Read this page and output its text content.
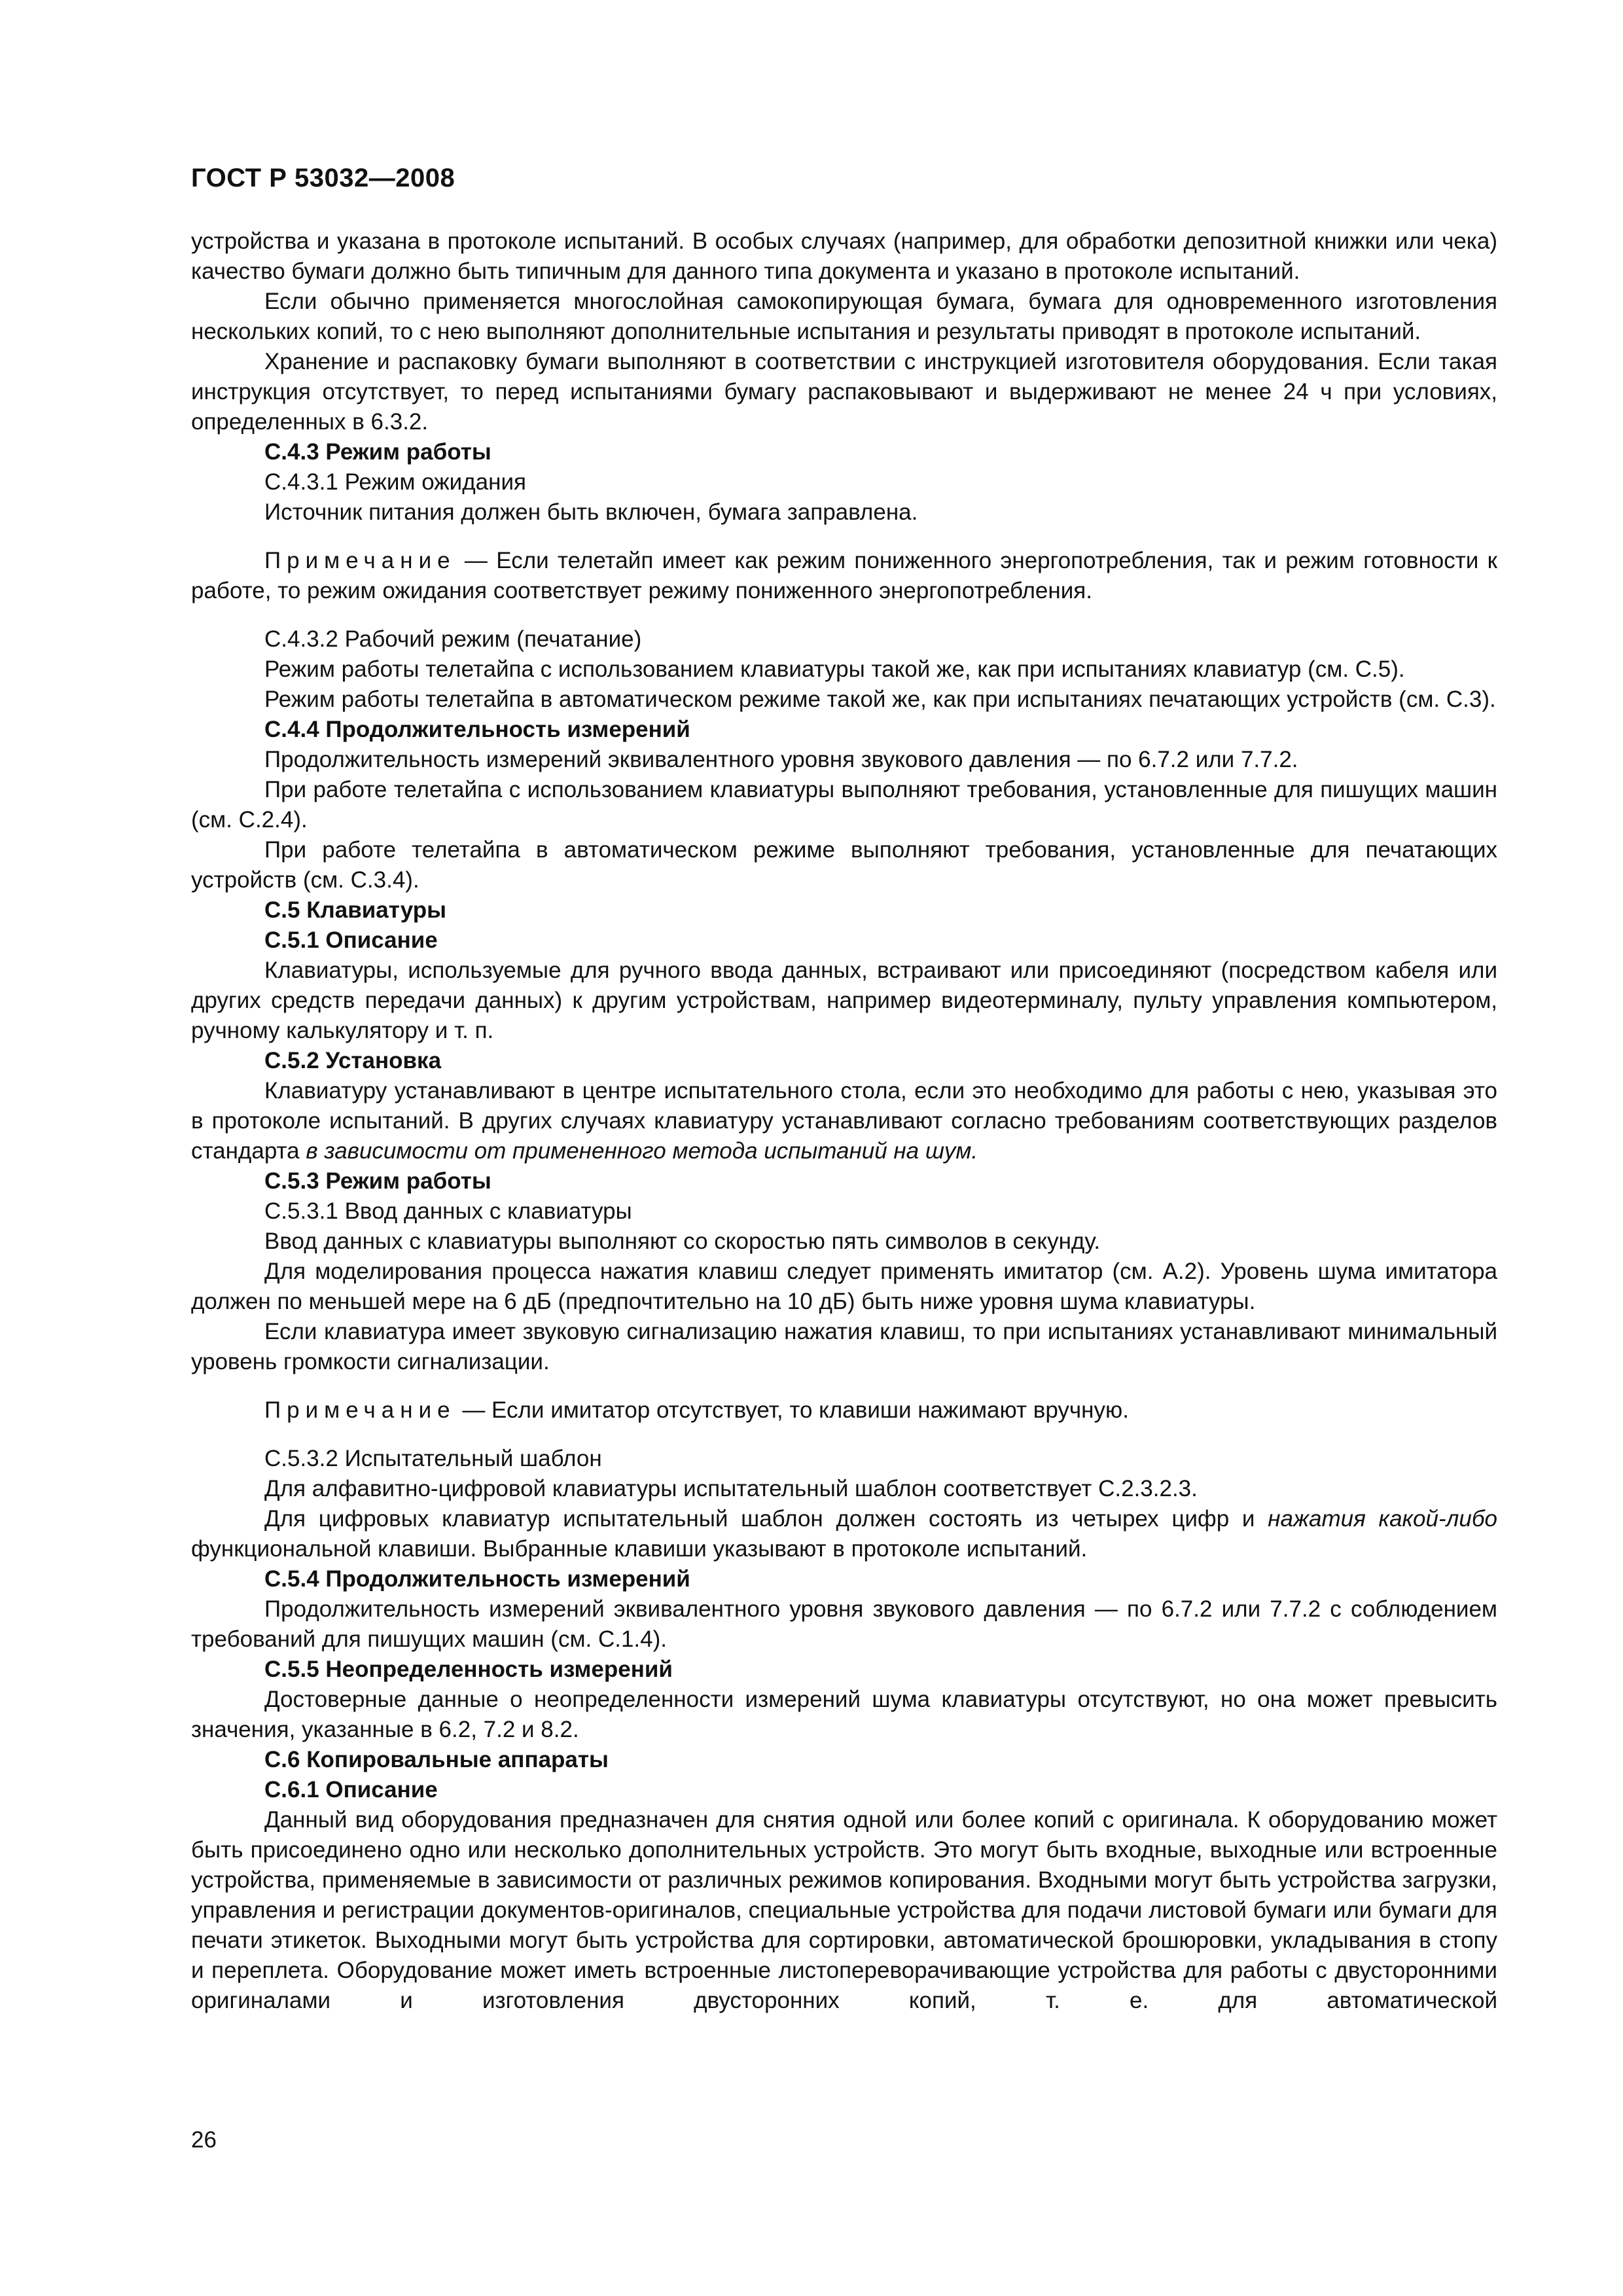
ГОСТ Р 53032—2008

устройства и указана в протоколе испытаний. В особых случаях (например, для обработки депозитной книжки или чека) качество бумаги должно быть типичным для данного типа документа и указано в протоколе испытаний.

Если обычно применяется многослойная самокопирующая бумага, бумага для одновременного изготовления нескольких копий, то с нею выполняют дополнительные испытания и результаты приводят в протоколе испытаний.

Хранение и распаковку бумаги выполняют в соответствии с инструкцией изготовителя оборудования. Если такая инструкция отсутствует, то перед испытаниями бумагу распаковывают и выдерживают не менее 24 ч при условиях, определенных в 6.3.2.

С.4.3 Режим работы

С.4.3.1 Режим ожидания

Источник питания должен быть включен, бумага заправлена.

Примечание — Если телетайп имеет как режим пониженного энергопотребления, так и режим готовности к работе, то режим ожидания соответствует режиму пониженного энергопотребления.

С.4.3.2 Рабочий режим (печатание)

Режим работы телетайпа с использованием клавиатуры такой же, как при испытаниях клавиатур (см. С.5).

Режим работы телетайпа в автоматическом режиме такой же, как при испытаниях печатающих устройств (см. С.3).

С.4.4 Продолжительность измерений

Продолжительность измерений эквивалентного уровня звукового давления — по 6.7.2 или 7.7.2.

При работе телетайпа с использованием клавиатуры выполняют требования, установленные для пишущих машин (см. С.2.4).

При работе телетайпа в автоматическом режиме выполняют требования, установленные для печатающих устройств (см. С.3.4).

С.5 Клавиатуры

С.5.1 Описание

Клавиатуры, используемые для ручного ввода данных, встраивают или присоединяют (посредством кабеля или других средств передачи данных) к другим устройствам, например видеотерминалу, пульту управления компьютером, ручному калькулятору и т. п.

С.5.2 Установка

Клавиатуру устанавливают в центре испытательного стола, если это необходимо для работы с нею, указывая это в протоколе испытаний. В других случаях клавиатуру устанавливают согласно требованиям соответствующих разделов стандарта в зависимости от примененного метода испытаний на шум.

С.5.3 Режим работы

С.5.3.1 Ввод данных с клавиатуры

Ввод данных с клавиатуры выполняют со скоростью пять символов в секунду.

Для моделирования процесса нажатия клавиш следует применять имитатор (см. А.2). Уровень шума имитатора должен по меньшей мере на 6 дБ (предпочтительно на 10 дБ) быть ниже уровня шума клавиатуры.

Если клавиатура имеет звуковую сигнализацию нажатия клавиш, то при испытаниях устанавливают минимальный уровень громкости сигнализации.

Примечание — Если имитатор отсутствует, то клавиши нажимают вручную.

С.5.3.2 Испытательный шаблон

Для алфавитно-цифровой клавиатуры испытательный шаблон соответствует С.2.3.2.3.

Для цифровых клавиатур испытательный шаблон должен состоять из четырех цифр и нажатия какой-либо функциональной клавиши. Выбранные клавиши указывают в протоколе испытаний.

С.5.4 Продолжительность измерений

Продолжительность измерений эквивалентного уровня звукового давления — по 6.7.2 или 7.7.2 с соблюдением требований для пишущих машин (см. С.1.4).

С.5.5 Неопределенность измерений

Достоверные данные о неопределенности измерений шума клавиатуры отсутствуют, но она может превысить значения, указанные в 6.2, 7.2 и 8.2.

С.6 Копировальные аппараты

С.6.1 Описание

Данный вид оборудования предназначен для снятия одной или более копий с оригинала. К оборудованию может быть присоединено одно или несколько дополнительных устройств. Это могут быть входные, выходные или встроенные устройства, применяемые в зависимости от различных режимов копирования. Входными могут быть устройства загрузки, управления и регистрации документов-оригиналов, специальные устройства для подачи листовой бумаги или бумаги для печати этикеток. Выходными могут быть устройства для сортировки, автоматической брошюровки, укладывания в стопу и переплета. Оборудование может иметь встроенные листопереворачивающие устройства для работы с двусторонними оригиналами и изготовления двусторонних копий, т. е. для автоматической

26
